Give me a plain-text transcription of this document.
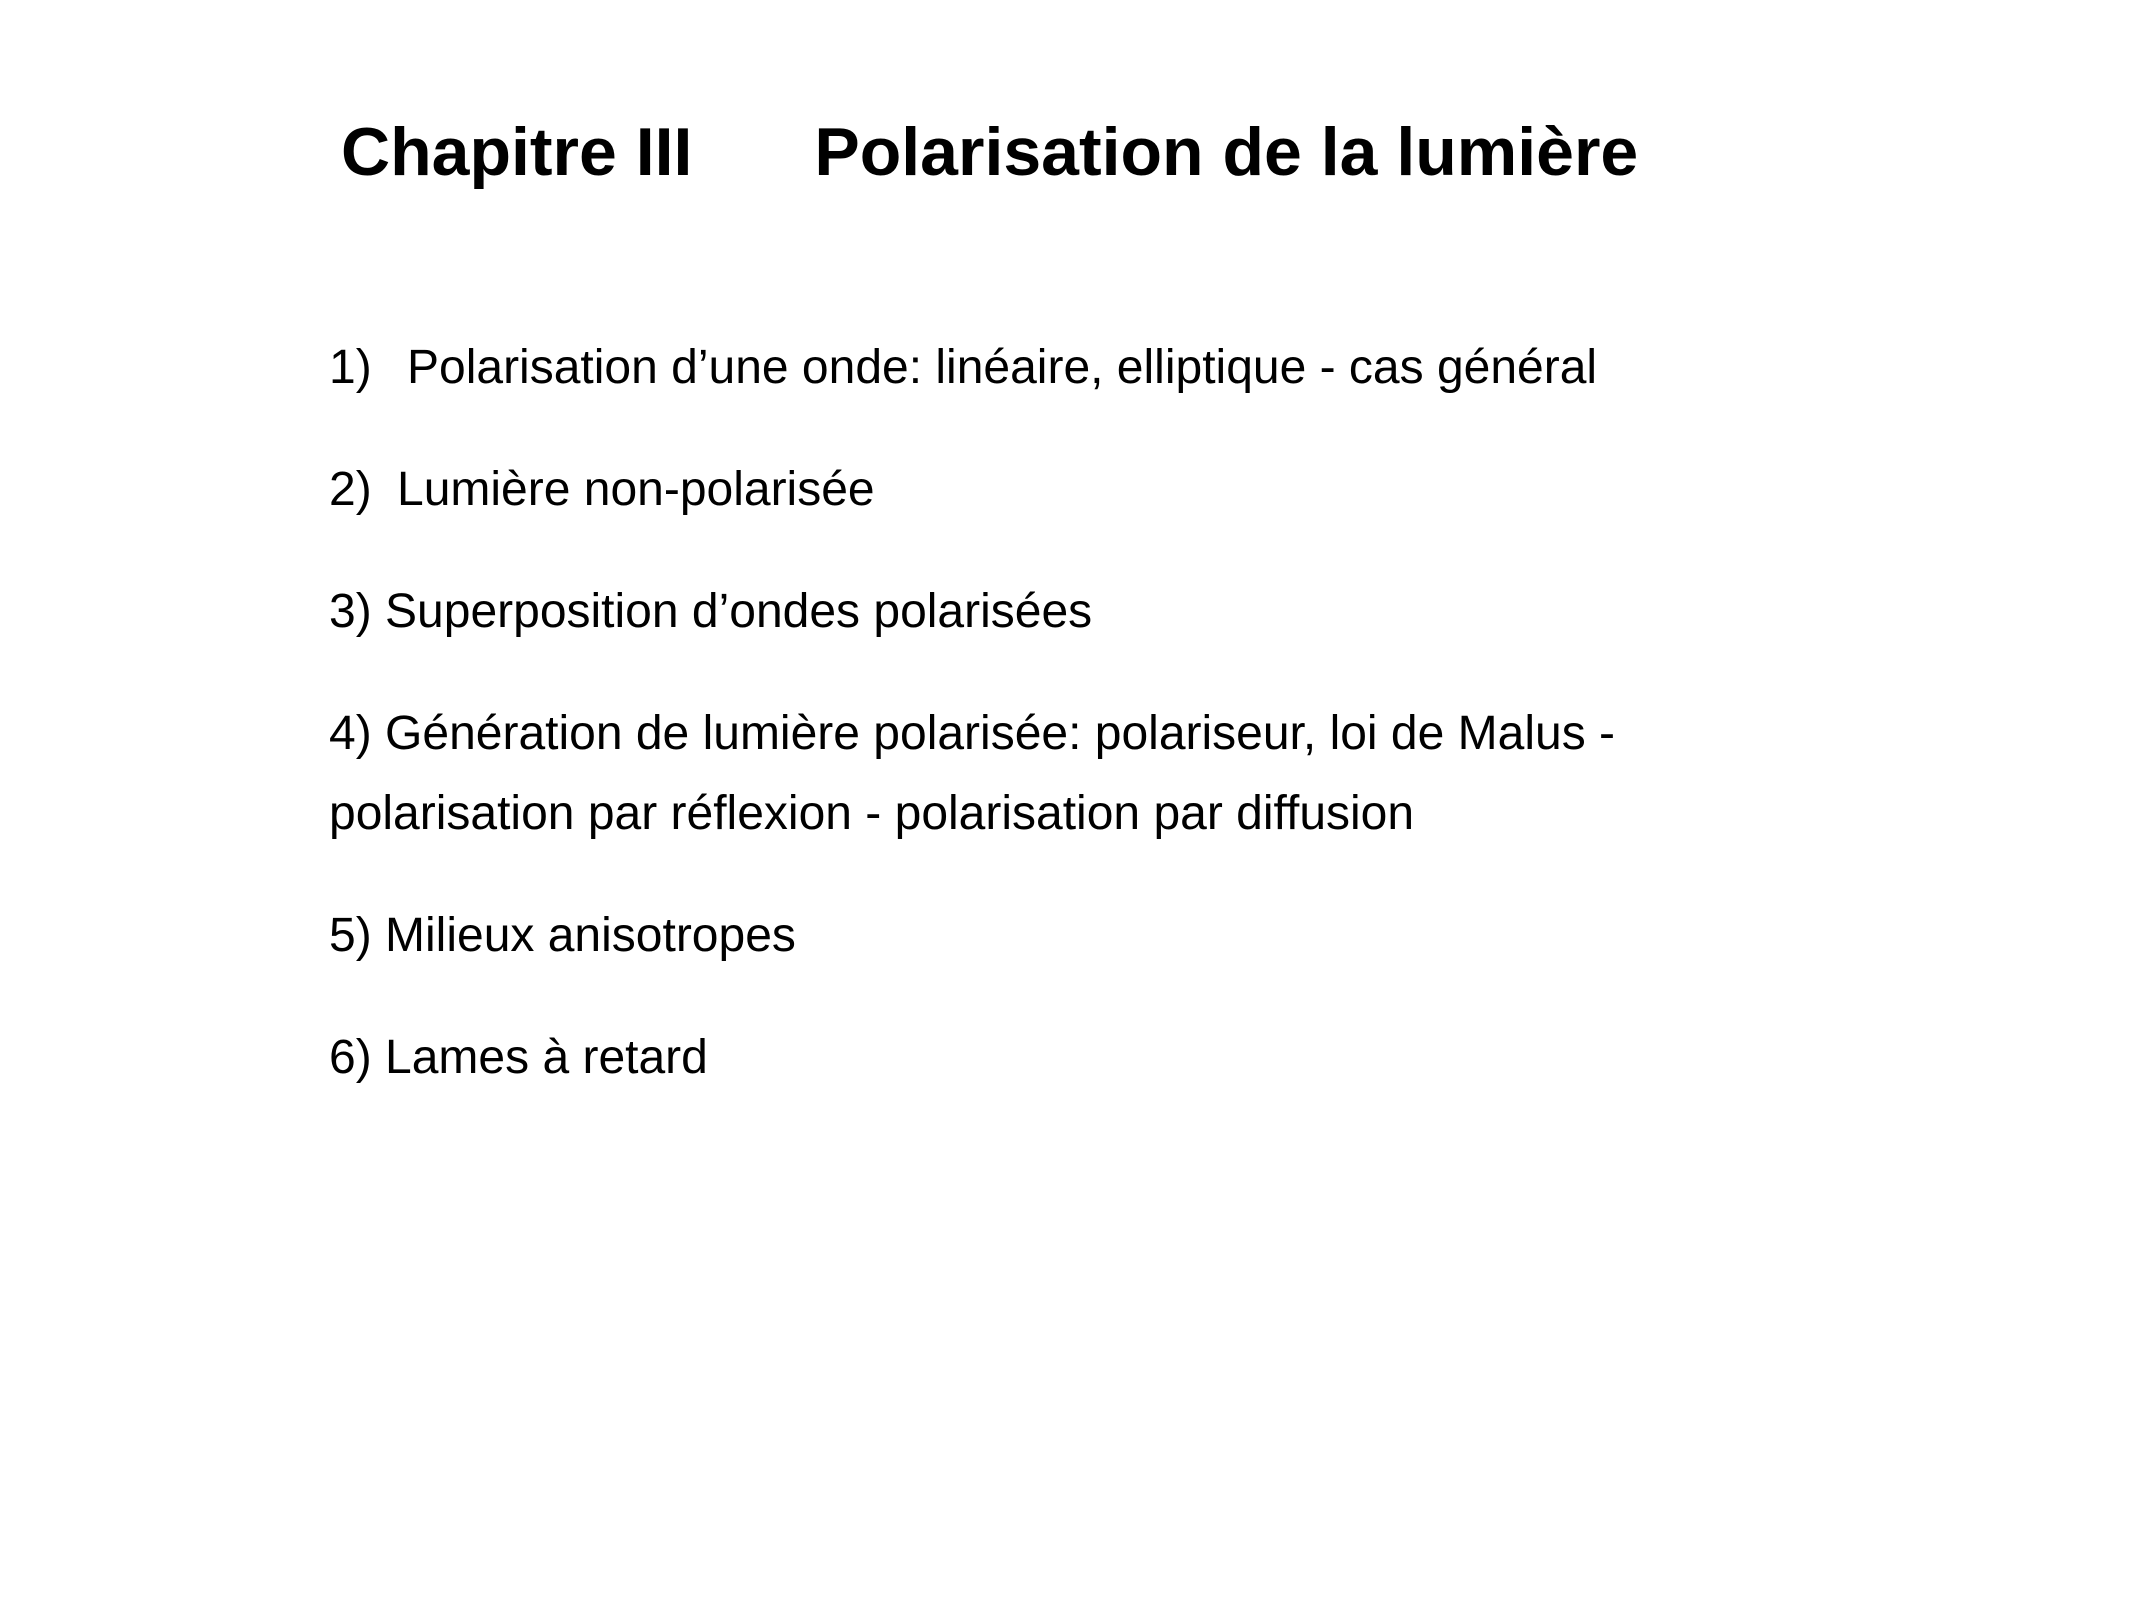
Chapitre III Polarisation de la lumière
1) Polarisation d’une onde: linéaire, elliptique - cas général
2) Lumière non-polarisée
3) Superposition d’ondes polarisées
4) Génération de lumière polarisée: polariseur, loi de Malus -
polarisation par réflexion - polarisation par diffusion
5) Milieux anisotropes
6) Lames à retard
